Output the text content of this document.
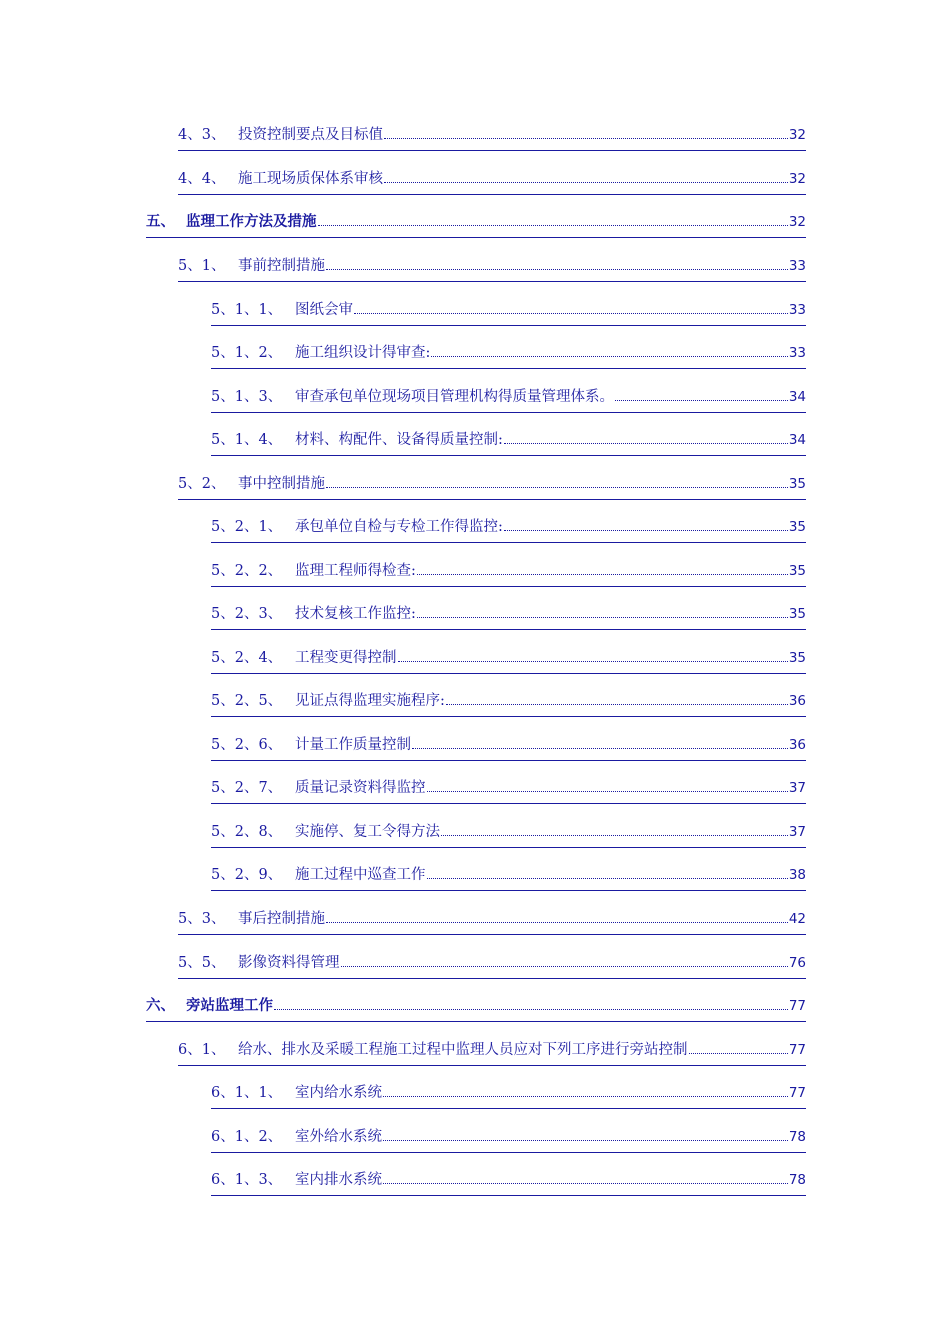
4、3、 投资控制要点及目标值	32
4、4、 施工现场质保体系审核	32
五、 监理工作方法及措施	32
5、1、 事前控制措施	33
5、1、1、 图纸会审	33
5、1、2、 施工组织设计得审查:	33
5、1、3、 审查承包单位现场项目管理机构得质量管理体系。	34
5、1、4、 材料、构配件、设备得质量控制:	34
5、2、 事中控制措施	35
5、2、1、 承包单位自检与专检工作得监控:	35
5、2、2、 监理工程师得检查:	35
5、2、3、 技术复核工作监控:	35
5、2、4、 工程变更得控制	35
5、2、5、 见证点得监理实施程序:	36
5、2、6、 计量工作质量控制	36
5、2、7、 质量记录资料得监控	37
5、2、8、 实施停、复工令得方法	37
5、2、9、 施工过程中巡查工作	38
5、3、 事后控制措施	42
5、5、 影像资料得管理	76
六、 旁站监理工作	77
6、1、 给水、排水及采暖工程施工过程中监理人员应对下列工序进行旁站控制	77
6、1、1、 室内给水系统	77
6、1、2、 室外给水系统	78
6、1、3、 室内排水系统	78
